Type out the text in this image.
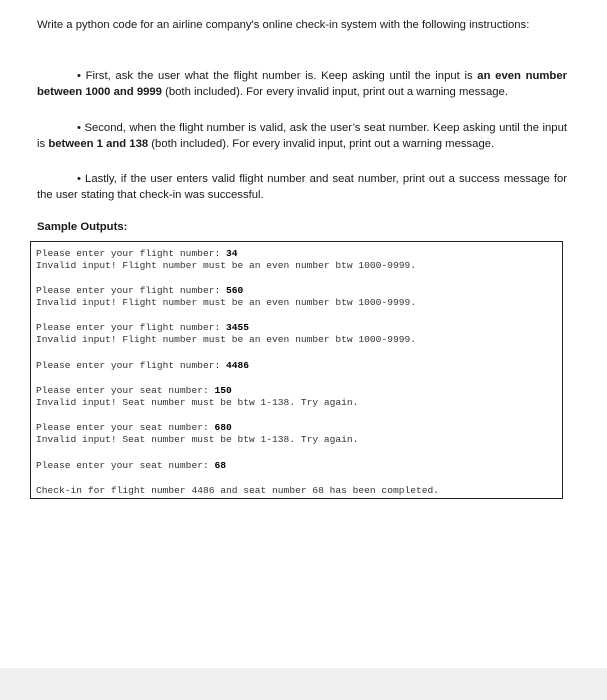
Write a python code for an airline company's online check-in system with the following instructions:

• First, ask the user what the flight number is. Keep asking until the input is an even number between 1000 and 9999 (both included). For every invalid input, print out a warning message.

• Second, when the flight number is valid, ask the user’s seat number. Keep asking until the input is between 1 and 138 (both included). For every invalid input, print out a warning message.

• Lastly, if the user enters valid flight number and seat number, print out a success message for the user stating that check-in was successful.

Sample Outputs:

Please enter your flight number: 34
Invalid input! Flight number must be an even number btw 1000-9999.
Please enter your flight number: 560
Invalid input! Flight number must be an even number btw 1000-9999.
Please enter your flight number: 3455
Invalid input! Flight number must be an even number btw 1000-9999.
Please enter your flight number: 4486
Please enter your seat number: 150
Invalid input! Seat number must be btw 1-138. Try again.
Please enter your seat number: 680
Invalid input! Seat number must be btw 1-138. Try again.
Please enter your seat number: 68
Check-in for flight number 4486 and seat number 68 has been completed.
